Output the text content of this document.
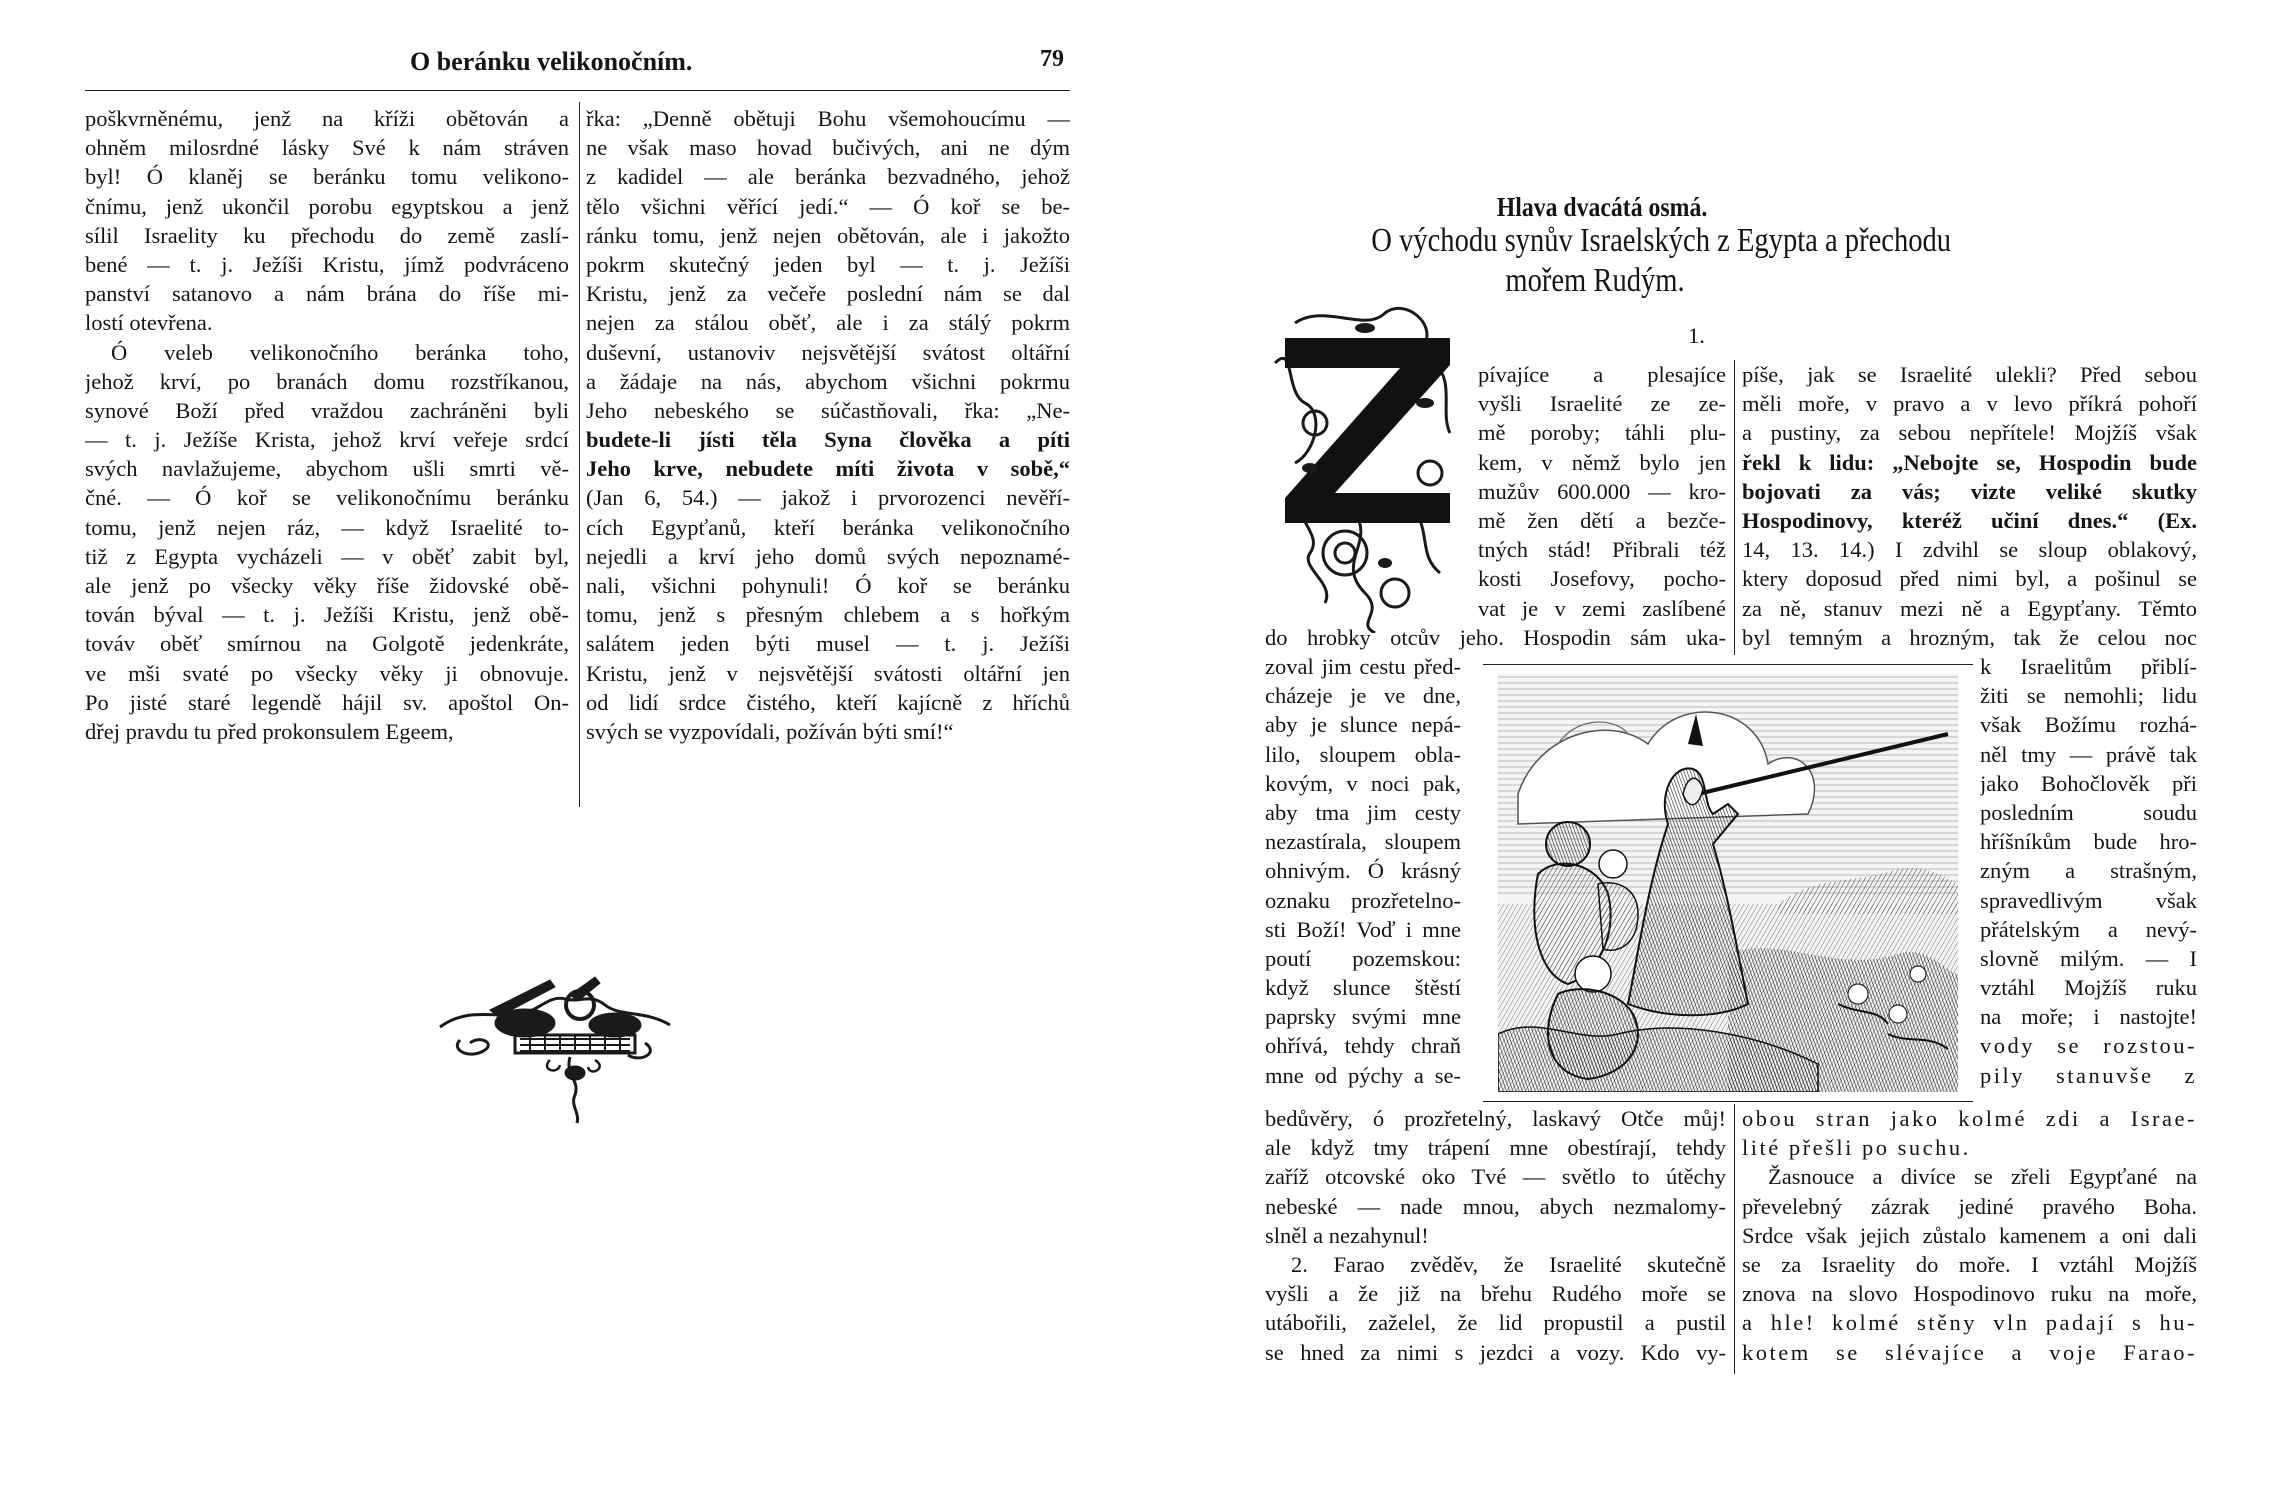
O beránku velikonočním.	79
poškvrněnému, jenž na kříži obětován a
ohněm milosrdné lásky Své k nám stráven
byl! Ó klaněj se beránku tomu velikono-
čnímu, jenž ukončil porobu egyptskou a jenž
sílil Israelity ku přechodu do země zaslí-
bené — t. j. Ježíši Kristu, jímž podvráceno
panství satanovo a nám brána do říše mi-
lostí otevřena.
Ó veleb velikonočního beránka toho,
jehož krví, po branách domu rozstříkanou,
synové Boží před vraždou zachráněni byli
— t. j. Ježíše Krista, jehož krví veřeje srdcí
svých navlažujeme, abychom ušli smrti vě-
čné. — Ó koř se velikonočnímu beránku
tomu, jenž nejen ráz, — když Israelité to-
tiž z Egypta vycházeli — v oběť zabit byl,
ale jenž po všecky věky říše židovské obě-
tován býval — t. j. Ježíši Kristu, jenž obě-
továv oběť smírnou na Golgotě jedenkráte,
ve mši svaté po všecky věky ji obnovuje.
Po jisté staré legendě hájil sv. apoštol On-
dřej pravdu tu před prokonsulem Egeem,
řka: „Denně obětuji Bohu všemohoucímu —
ne však maso hovad bučivých, ani ne dým
z kadidel — ale beránka bezvadného, jehož
tělo všichni věřící jedí.“ — Ó koř se be-
ránku tomu, jenž nejen obětován, ale i jakožto
pokrm skutečný jeden byl — t. j. Ježíši
Kristu, jenž za večeře poslední nám se dal
nejen za stálou oběť, ale i za stálý pokrm
duševní, ustanoviv nejsvětější svátost oltářní
a žádaje na nás, abychom všichni pokrmu
Jeho nebeského se súčastňovali, řka: „Ne-
budete-li jísti těla Syna člověka a píti
Jeho krve, nebudete míti života v sobě,“
(Jan 6, 54.) — jakož i prvorozenci nevěří-
cích Egypťanů, kteří beránka velikonočního
nejedli a krví jeho domů svých nepoznamé-
nali, všichni pohynuli! Ó koř se beránku
tomu, jenž s přesným chlebem a s hořkým
salátem jeden býti musel — t. j. Ježíši
Kristu, jenž v nejsvětější svátosti oltářní jen
od lidí srdce čistého, kteří kajícně z hříchů
svých se vyzpovídali, požíván býti smí!“
Hlava dvacátá osmá.
O východu synův Israelských z Egypta a přechodu
mořem Rudým.
1.
pívajíce a plesajíce
vyšli Israelité ze ze-
mě poroby; táhli plu-
kem, v němž bylo jen
mužův 600.000 — kro-
mě žen dětí a bezče-
tných stád! Přibrali též
kosti Josefovy, pocho-
vat je v zemi zaslíbené
do hrobky otcův jeho. Hospodin sám uka-
zoval jim cestu před-
cházeje je ve dne,
aby je slunce nepá-
lilo, sloupem obla-
kovým, v noci pak,
aby tma jim cesty
nezastírala, sloupem
ohnivým. Ó krásný
oznaku prozřetelno-
sti Boží! Voď i mne
poutí pozemskou:
když slunce štěstí
paprsky svými mne
ohřívá, tehdy chraň
mne od pýchy a se-
bedůvěry, ó prozřetelný, laskavý Otče můj!
ale když tmy trápení mne obestírají, tehdy
zaříž otcovské oko Tvé — světlo to útěchy
nebeské — nade mnou, abych nezmalomy-
slněl a nezahynul!
2. Farao zvěděv, že Israelité skutečně
vyšli a že již na břehu Rudého moře se
utábořili, zaželel, že lid propustil a pustil
se hned za nimi s jezdci a vozy. Kdo vy-
píše, jak se Israelité ulekli? Před sebou
měli moře, v pravo a v levo příkrá pohoří
a pustiny, za sebou nepřítele! Mojžíš však
řekl k lidu: „Nebojte se, Hospodin bude
bojovati za vás; vizte veliké skutky
Hospodinovy, kteréž učiní dnes.“ (Ex.
14, 13. 14.) I zdvihl se sloup oblakový,
ktery doposud před nimi byl, a pošinul se
za ně, stanuv mezi ně a Egypťany. Těmto
byl temným a hrozným, tak že celou noc
k Israelitům přiblí-
žiti se nemohli; lidu
však Božímu rozhá-
něl tmy — právě tak
jako Bohočlověk při
posledním soudu
hříšníkům bude hro-
zným a strašným,
spravedlivým však
přátelským a nevý-
slovně milým. — I
vztáhl Mojžíš ruku
na moře; i nastojte!
vody se rozstou-
pily stanuvše z
obou stran jako kolmé zdi a Israe-
lité přešli po suchu.
Žasnouce a divíce se zřeli Egypťané na
převelebný zázrak jediné pravého Boha.
Srdce však jejich zůstalo kamenem a oni dali
se za Israelity do moře. I vztáhl Mojžíš
znova na slovo Hospodinovo ruku na moře,
a hle! kolmé stěny vln padají s hu-
kotem se slévajíce a voje Farao-
